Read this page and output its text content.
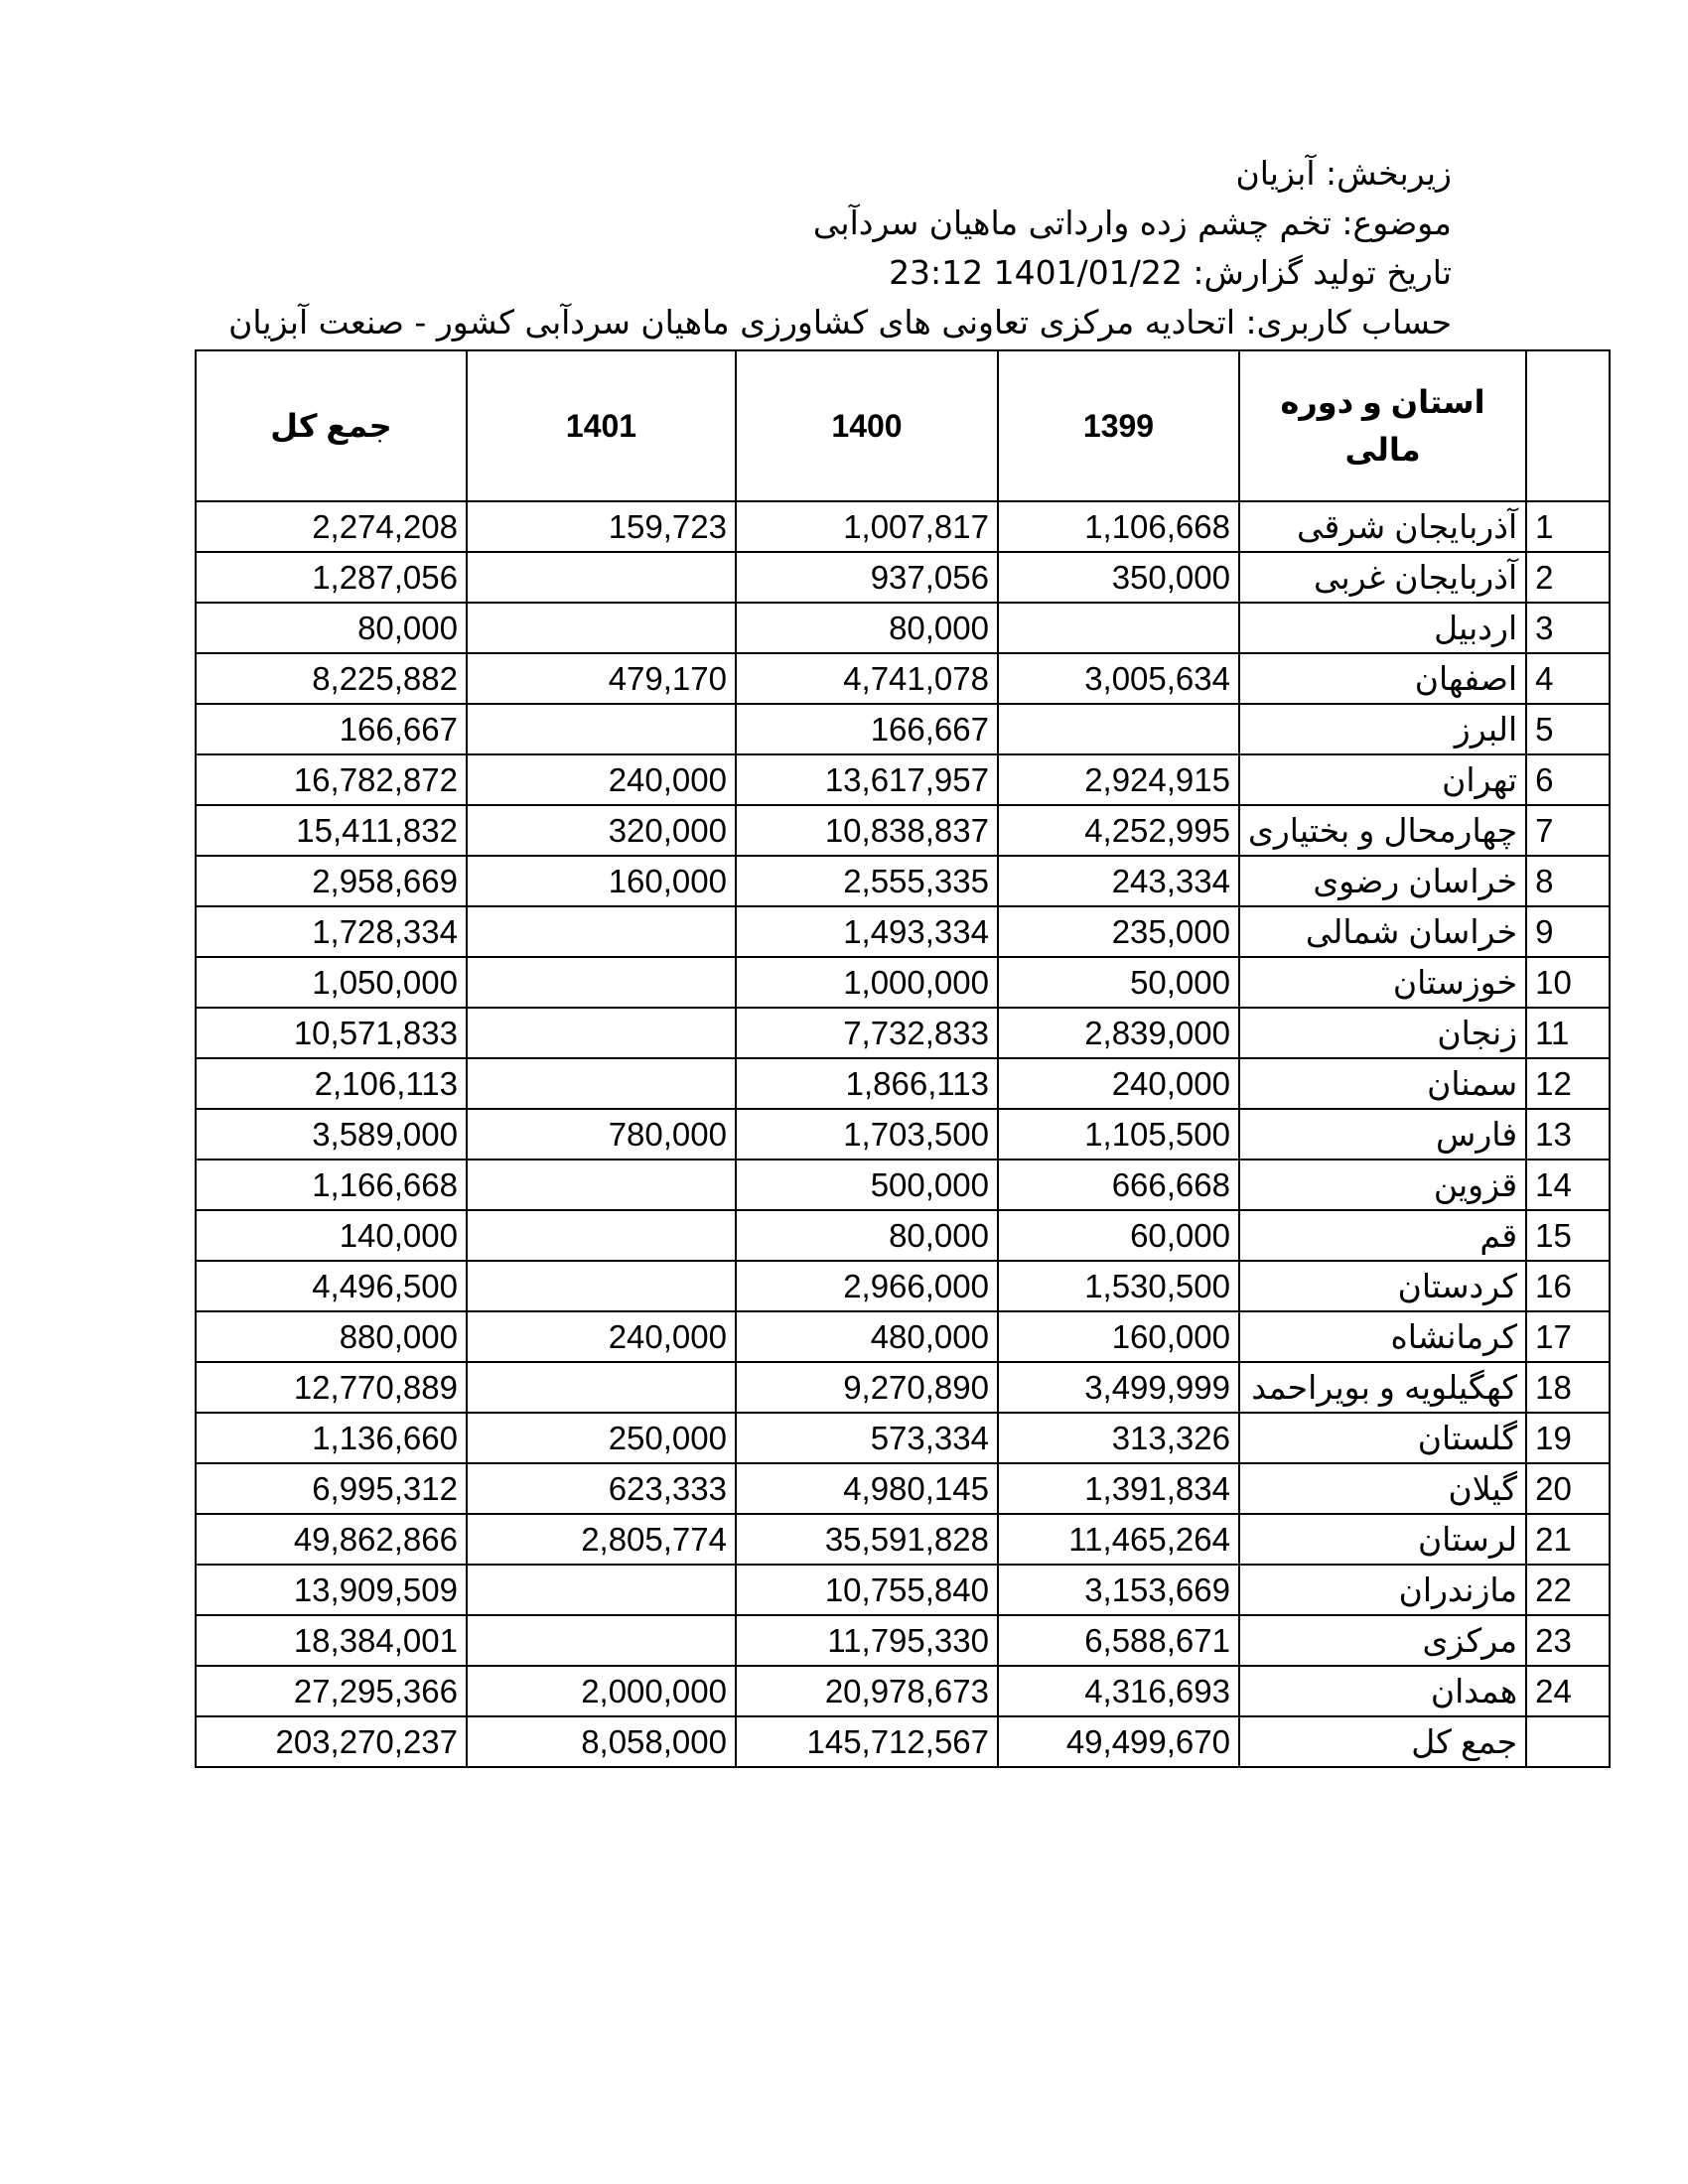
زیربخش: آبزیان
موضوع: تخم چشم زده وارداتی ماهیان سردآبی
تاریخ تولید گزارش: 1401/01/22 23:12
حساب کاربری: اتحادیه مرکزی تعاونی های کشاورزی ماهیان سردآبی کشور - صنعت آبزیان
	استان و دوره مالی	1399	1400	1401	جمع کل
1	آذربایجان شرقی	1,106,668	1,007,817	159,723	2,274,208
2	آذربایجان غربی	350,000	937,056		1,287,056
3	اردبیل		80,000		80,000
4	اصفهان	3,005,634	4,741,078	479,170	8,225,882
5	البرز		166,667		166,667
6	تهران	2,924,915	13,617,957	240,000	16,782,872
7	چهارمحال و بختیاری	4,252,995	10,838,837	320,000	15,411,832
8	خراسان رضوی	243,334	2,555,335	160,000	2,958,669
9	خراسان شمالی	235,000	1,493,334		1,728,334
10	خوزستان	50,000	1,000,000		1,050,000
11	زنجان	2,839,000	7,732,833		10,571,833
12	سمنان	240,000	1,866,113		2,106,113
13	فارس	1,105,500	1,703,500	780,000	3,589,000
14	قزوین	666,668	500,000		1,166,668
15	قم	60,000	80,000		140,000
16	کردستان	1,530,500	2,966,000		4,496,500
17	کرمانشاه	160,000	480,000	240,000	880,000
18	کهگیلویه و بویراحمد	3,499,999	9,270,890		12,770,889
19	گلستان	313,326	573,334	250,000	1,136,660
20	گیلان	1,391,834	4,980,145	623,333	6,995,312
21	لرستان	11,465,264	35,591,828	2,805,774	49,862,866
22	مازندران	3,153,669	10,755,840		13,909,509
23	مرکزی	6,588,671	11,795,330		18,384,001
24	همدان	4,316,693	20,978,673	2,000,000	27,295,366
	جمع کل	49,499,670	145,712,567	8,058,000	203,270,237
